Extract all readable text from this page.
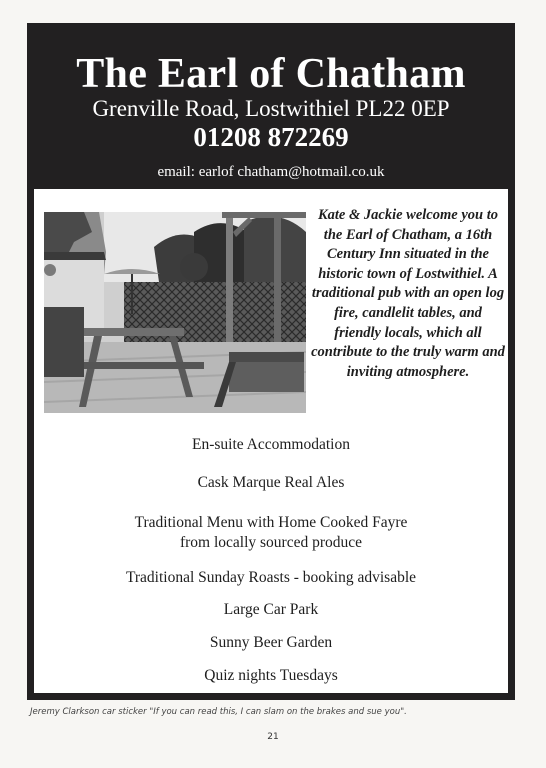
The Earl of Chatham
Grenville Road, Lostwithiel PL22 0EP
01208 872269
email: earlof chatham@hotmail.co.uk
Kate & Jackie welcome you to the Earl of Chatham, a 16th Century Inn situated in the historic town of Lostwithiel. A traditional pub with an open log fire, candlelit tables, and friendly locals, which all contribute to the truly warm and inviting atmosphere.
En-suite Accommodation
Cask Marque Real Ales
Traditional Menu with Home Cooked Fayre
from locally sourced produce
Traditional Sunday Roasts - booking advisable
Large Car Park
Sunny Beer Garden
Quiz nights Tuesdays
Jeremy Clarkson car sticker "If you can read this, I can slam on the brakes and sue you".
21
